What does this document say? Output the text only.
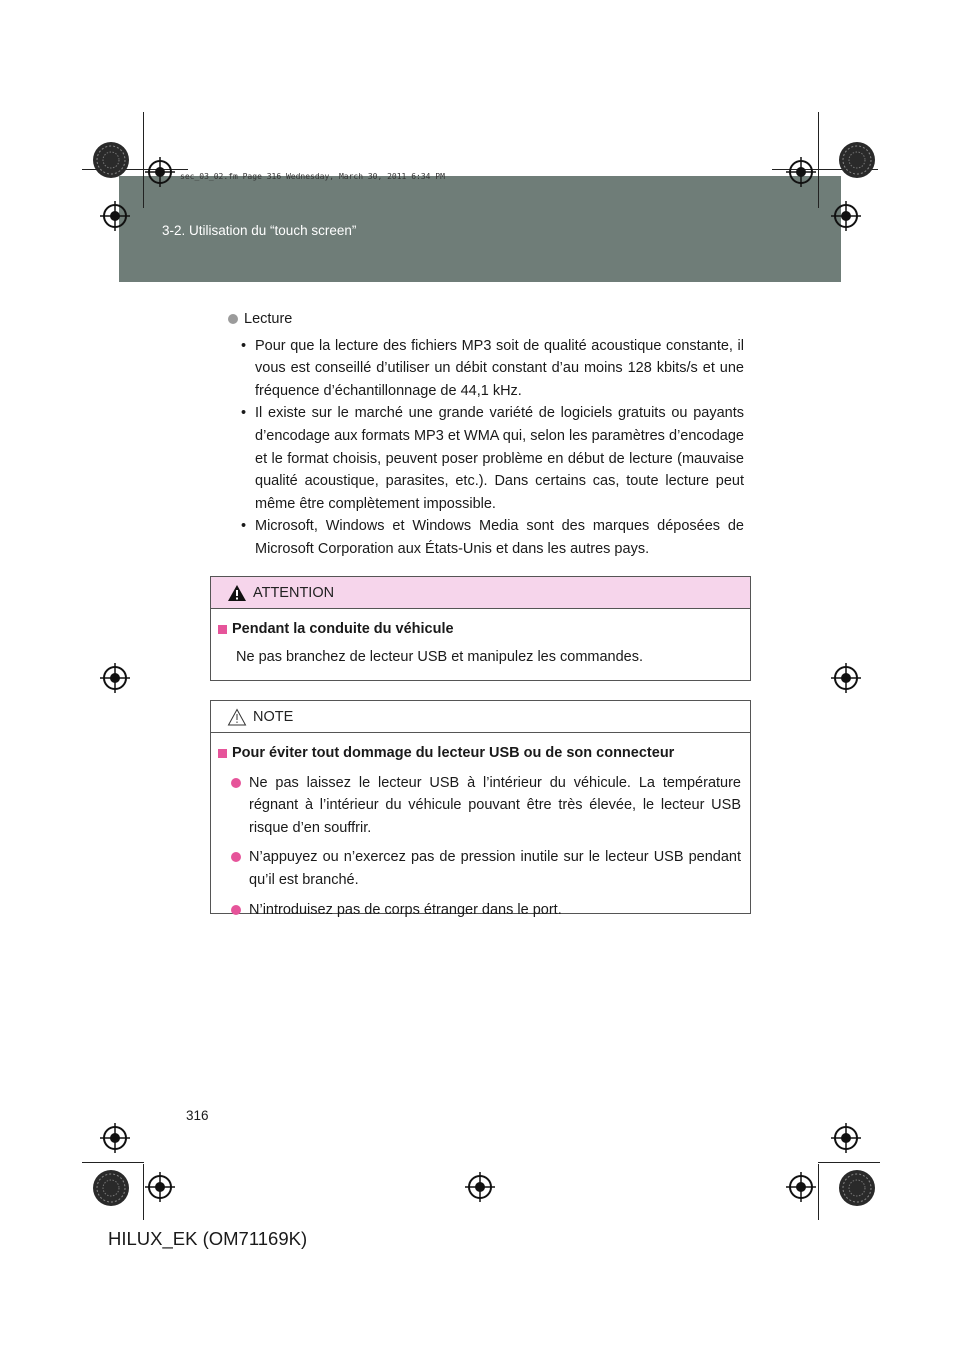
3-2. Utilisation du “touch screen”
sec_03_02.fm Page 316 Wednesday, March 30, 2011 6:34 PM
Lecture
• Pour que la lecture des fichiers MP3 soit de qualité acoustique constante, il vous est conseillé d’utiliser un débit constant d’au moins 128 kbits/s et une fréquence d’échantillonnage de 44,1 kHz.
• Il existe sur le marché une grande variété de logiciels gratuits ou payants d’encodage aux formats MP3 et WMA qui, selon les paramètres d’encodage et le format choisis, peuvent poser problème en début de lecture (mauvaise qualité acoustique, parasites, etc.). Dans certains cas, toute lecture peut même être complètement impossible.
• Microsoft, Windows et Windows Media sont des marques déposées de Microsoft Corporation aux États-Unis et dans les autres pays.
ATTENTION
Pendant la conduite du véhicule
Ne pas branchez de lecteur USB et manipulez les commandes.
NOTE
Pour éviter tout dommage du lecteur USB ou de son connecteur
Ne pas laissez le lecteur USB à l’intérieur du véhicule. La température régnant à l’intérieur du véhicule pouvant être très élevée, le lecteur USB risque d’en souffrir.
N’appuyez ou n’exercez pas de pression inutile sur le lecteur USB pendant qu’il est branché.
N’introduisez pas de corps étranger dans le port.
316
HILUX_EK (OM71169K)
